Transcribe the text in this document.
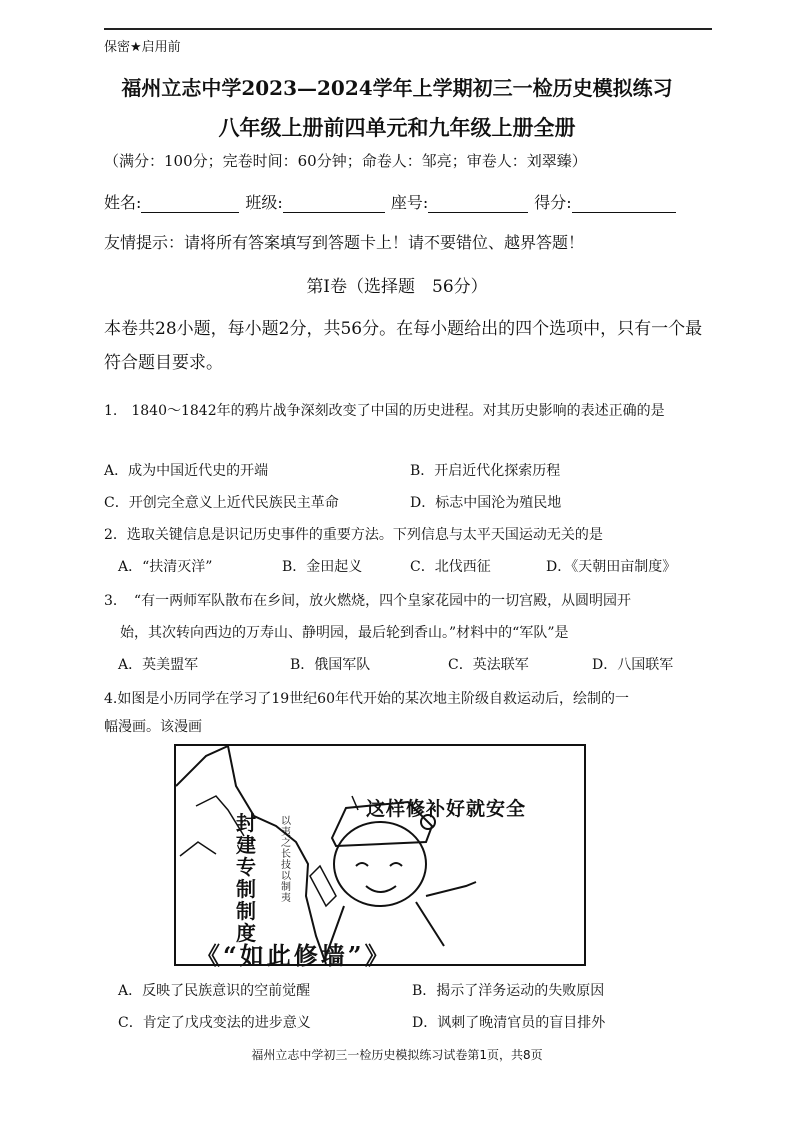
保密★启用前
福州立志中学2023—2024学年上学期初三一检历史模拟练习
八年级上册前四单元和九年级上册全册
（满分：100分；完卷时间：60分钟；命卷人：邹亮；审卷人：刘翠臻）
姓名:	班级:	座号:	得分:
友情提示：请将所有答案填写到答题卡上！请不要错位、越界答题！
第Ⅰ卷（选择题　56分）
本卷共28小题，每小题2分，共56分。在每小题给出的四个选项中，只有一个最符合题目要求。
1.　1840～1842年的鸦片战争深刻改变了中国的历史进程。对其历史影响的表述正确的是
A．成为中国近代史的开端	B．开启近代化探索历程
C．开创完全意义上近代民族民主革命	D．标志中国沦为殖民地
2．选取关键信息是识记历史事件的重要方法。下列信息与太平天国运动无关的是
A．“扶清灭洋”	B．金田起义	C．北伐西征	D．《天朝田亩制度》
3．　“有一两师军队散布在乡间，放火燃烧，四个皇家花园中的一切宫殿，从圆明园开
始，其次转向西边的万寿山、静明园，最后轮到香山。”材料中的“军队”是
A．英美盟军	B．俄国军队	C．英法联军	D．八国联军
4.如图是小历同学在学习了19世纪60年代开始的某次地主阶级自救运动后，绘制的一
幅漫画。该漫画
封建专制制度
以夷之长技以制夷
这样修补好就安全
《“如此修墙”》
A．反映了民族意识的空前觉醒	B．揭示了洋务运动的失败原因
C．肯定了戊戌变法的进步意义	D．讽刺了晚清官员的盲目排外
福州立志中学初三一检历史模拟练习试卷第1页，共8页
